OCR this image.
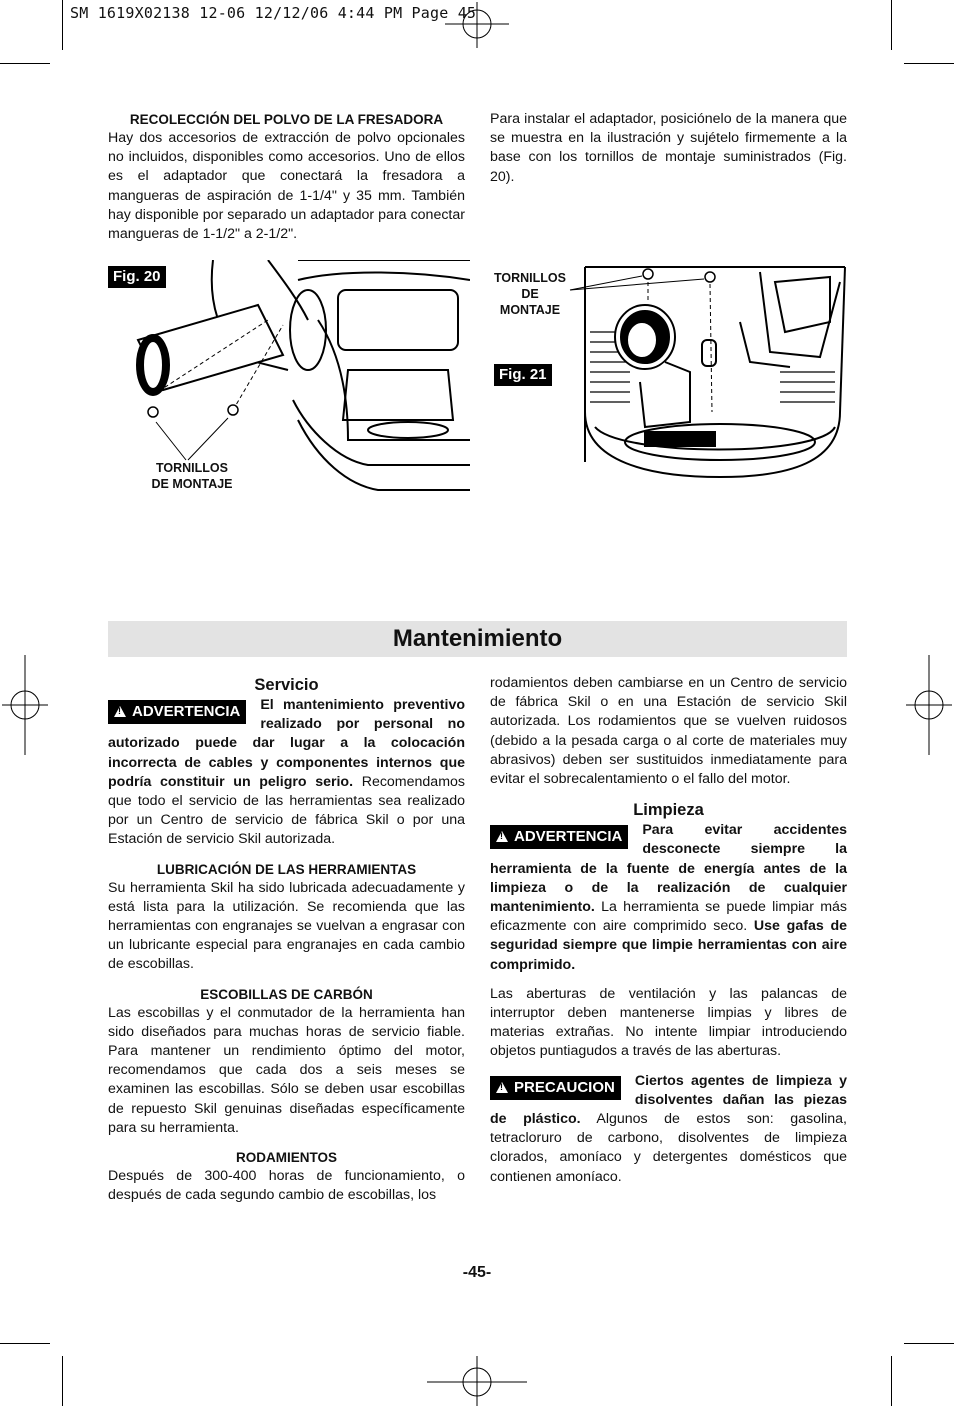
SM 1619X02138 12-06 12/12/06 4:44 PM Page 45

RECOLECCIÓN DEL POLVO DE LA FRESADORA

Hay dos accesorios de extracción de polvo opcionales no incluidos, disponibles como accesorios. Uno de ellos es el adaptador que conectará la fresadora a mangueras de aspiración de 1-1/4" y 35 mm. También hay disponible por separado un adaptador para conectar mangueras de 1-1/2" a 2-1/2".

Para instalar el adaptador, posiciónelo de la manera que se muestra en la ilustración y sujételo firmemente a la base con los tornillos de montaje suministrados (Fig. 20).

Fig. 20
TORNILLOS
DE MONTAJE
TORNILLOS
DE MONTAJE
Fig. 21
Mantenimiento

Servicio

!ADVERTENCIA	El mantenimiento preventivo realizado por personal no autorizado puede dar lugar a la colocación incorrecta de cables y componentes internos que podría constituir un peligro serio. Recomendamos que todo el servicio de las herramientas sea realizado por un Centro de servicio de fábrica Skil o por una Estación de servicio Skil autorizada.

LUBRICACIÓN DE LAS HERRAMIENTAS

Su herramienta Skil ha sido lubricada adecuadamente y está lista para la utilización. Se recomienda que las herramientas con engranajes se vuelvan a engrasar con un lubricante especial para engranajes en cada cambio de escobillas.

ESCOBILLAS DE CARBÓN

Las escobillas y el conmutador de la herramienta han sido diseñados para muchas horas de servicio fiable. Para mantener un rendimiento óptimo del motor, recomendamos que cada dos a seis meses se examinen las escobillas. Sólo se deben usar escobillas de repuesto Skil genuinas diseñadas específicamente para su herramienta.

RODAMIENTOS

Después de 300-400 horas de funcionamiento, o después de cada segundo cambio de escobillas, los

rodamientos deben cambiarse en un Centro de servicio de fábrica Skil o en una Estación de servicio Skil autorizada. Los rodamientos que se vuelven ruidosos (debido a la pesada carga o al corte de materiales muy abrasivos) deben ser sustituidos inmediatamente para evitar el sobrecalentamiento o el fallo del motor.

Limpieza

!ADVERTENCIA	Para evitar accidentes desconecte siempre la herramienta de la fuente de energía antes de la limpieza o de la realización de cualquier mantenimiento. La herramienta se puede limpiar más eficazmente con aire comprimido seco. Use gafas de seguridad siempre que limpie herramientas con aire comprimido.

Las aberturas de ventilación y las palancas de interruptor deben mantenerse limpias y libres de materias extrañas. No intente limpiar introduciendo objetos puntiagudos a través de las aberturas.

!PRECAUCION	Ciertos agentes de limpieza y disolventes dañan las piezas de plástico. Algunos de estos son: gasolina, tetracloruro de carbono, disolventes de limpieza clorados, amoníaco y detergentes domésticos que contienen amoníaco.

-45-
